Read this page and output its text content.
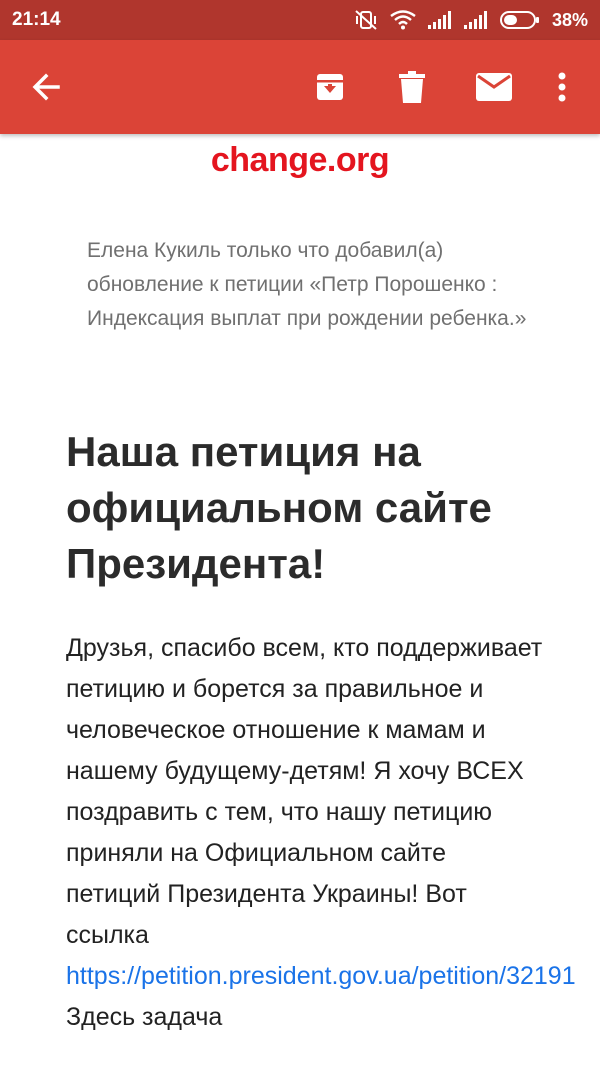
21:14	38%
change.org
Елена Кукиль только что добавил(а) обновление к петиции «Петр Порошенко : Индексация выплат при рождении ребенка.»
Наша петиция на официальном сайте Президента!
Друзья, спасибо всем, кто поддерживает петицию и борется за правильное и человеческое отношение к мамам и нашему будущему-детям! Я хочу ВСЕХ поздравить с тем, что нашу петицию приняли на Официальном сайте петиций Президента Украины! Вот ссылка https://petition.president.gov.ua/petition/32191 Здесь задача
